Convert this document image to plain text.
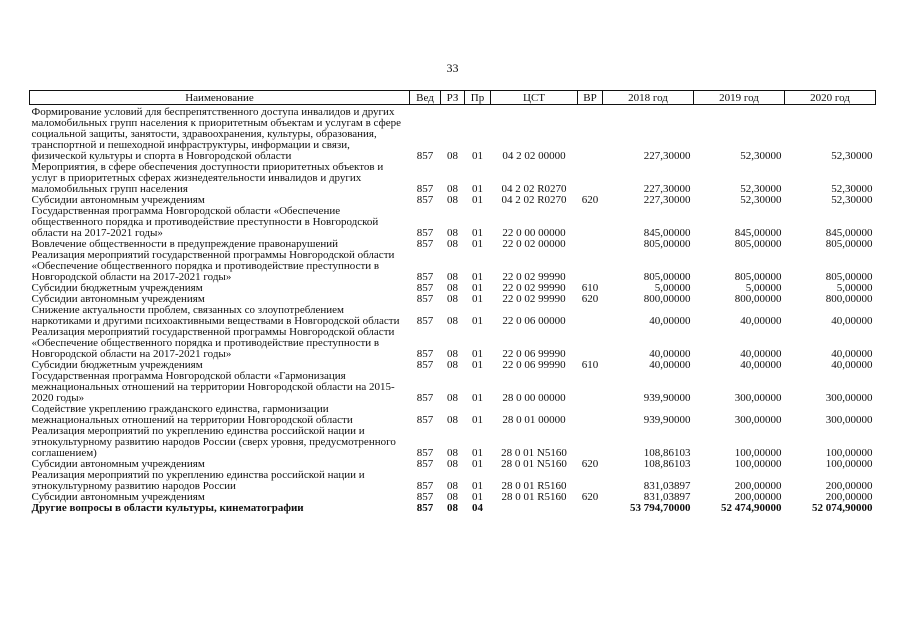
33
Наименование	Вед	РЗ	Пр	ЦСТ	ВР	2018 год	2019 год	2020 год
Формирование условий для беспрепятственного доступа инвалидов и других маломобильных групп населения к приоритетным объектам и услугам в сфере социальной защиты, занятости, здравоохранения, культуры, образования, транспортной и пешеходной инфраструктуры, информации и связи, физической культуры и спорта в Новгородской области	857	08	01	04 2 02 00000		227,30000	52,30000	52,30000
Мероприятия, в сфере обеспечения доступности приоритетных объектов и услуг в приоритетных сферах жизнедеятельности инвалидов и других маломобильных групп населения	857	08	01	04 2 02 R0270		227,30000	52,30000	52,30000
Субсидии автономным учреждениям	857	08	01	04 2 02 R0270	620	227,30000	52,30000	52,30000
Государственная программа Новгородской области «Обеспечение общественного порядка и противодействие преступности в Новгородской области на 2017-2021 годы»	857	08	01	22 0 00 00000		845,00000	845,00000	845,00000
Вовлечение общественности в предупреждение правонарушений	857	08	01	22 0 02 00000		805,00000	805,00000	805,00000
Реализация мероприятий государственной программы Новгородской области «Обеспечение общественного порядка и противодействие преступности в Новгородской области на 2017-2021 годы»	857	08	01	22 0 02 99990		805,00000	805,00000	805,00000
Субсидии бюджетным учреждениям	857	08	01	22 0 02 99990	610	5,00000	5,00000	5,00000
Субсидии автономным учреждениям	857	08	01	22 0 02 99990	620	800,00000	800,00000	800,00000
Снижение актуальности проблем, связанных со злоупотреблением наркотиками и другими психоактивными веществами в Новгородской области	857	08	01	22 0 06 00000		40,00000	40,00000	40,00000
Реализация мероприятий государственной программы Новгородской области «Обеспечение общественного порядка и противодействие преступности в Новгородской области на 2017-2021 годы»	857	08	01	22 0 06 99990		40,00000	40,00000	40,00000
Субсидии бюджетным учреждениям	857	08	01	22 0 06 99990	610	40,00000	40,00000	40,00000
Государственная программа Новгородской области «Гармонизация межнациональных отношений на территории Новгородской области на 2015-2020 годы»	857	08	01	28 0 00 00000		939,90000	300,00000	300,00000
Содействие укреплению гражданского единства, гармонизации межнациональных отношений на территории Новгородской области	857	08	01	28 0 01 00000		939,90000	300,00000	300,00000
Реализация мероприятий по укреплению единства российской нации и этнокультурному развитию народов России (сверх уровня, предусмотренного соглашением)	857	08	01	28 0 01 N5160		108,86103	100,00000	100,00000
Субсидии автономным учреждениям	857	08	01	28 0 01 N5160	620	108,86103	100,00000	100,00000
Реализация мероприятий по укреплению единства российской нации и этнокультурному развитию народов России	857	08	01	28 0 01 R5160		831,03897	200,00000	200,00000
Субсидии автономным учреждениям	857	08	01	28 0 01 R5160	620	831,03897	200,00000	200,00000
Другие вопросы в области культуры, кинематографии	857	08	04			53 794,70000	52 474,90000	52 074,90000
